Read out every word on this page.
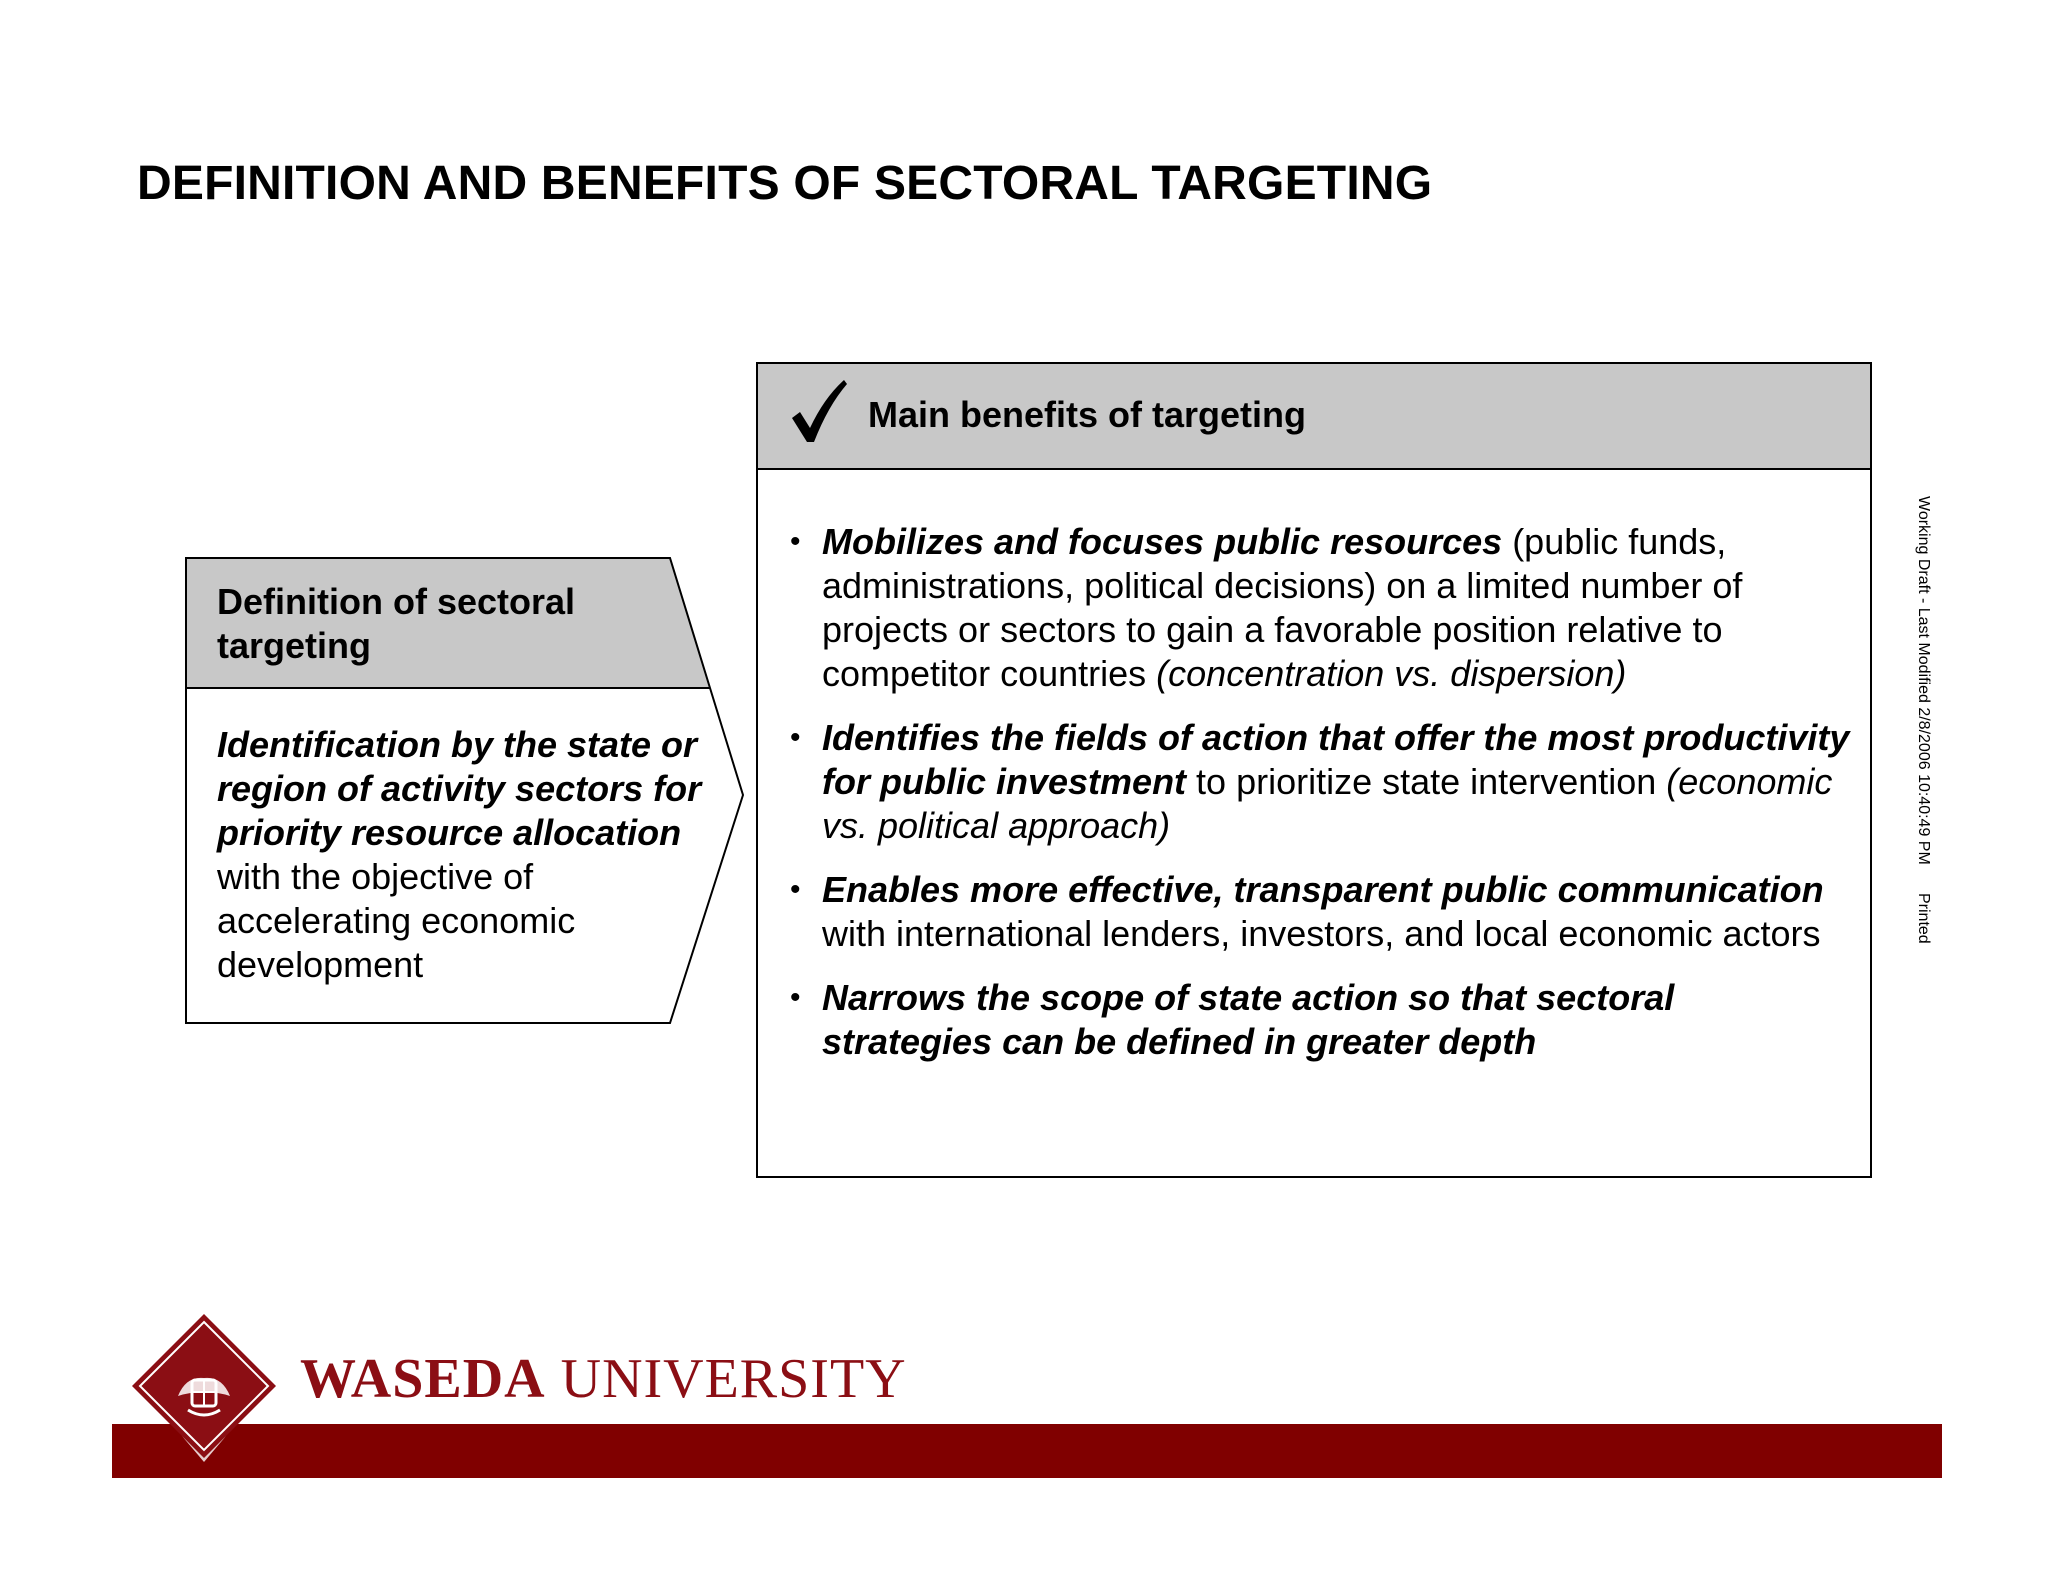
DEFINITION AND BENEFITS OF SECTORAL TARGETING
Definition of sectoral targeting
Identification by the state or region of activity sectors for priority resource allocation with the objective of accelerating economic development
Main benefits of targeting
• Mobilizes and focuses public resources (public funds, administrations, political decisions) on a limited number of projects or sectors to gain a favorable position relative to competitor countries (concentration vs. dispersion)
• Identifies the fields of action that offer the most productivity for public investment to prioritize state intervention (economic vs. political approach)
• Enables more effective, transparent public communication with international lenders, investors, and local economic actors
• Narrows the scope of state action so that sectoral strategies can be defined in greater depth
Working Draft - Last Modified 2/8/2006 10:40:49 PM Printed
WASEDA UNIVERSITY
